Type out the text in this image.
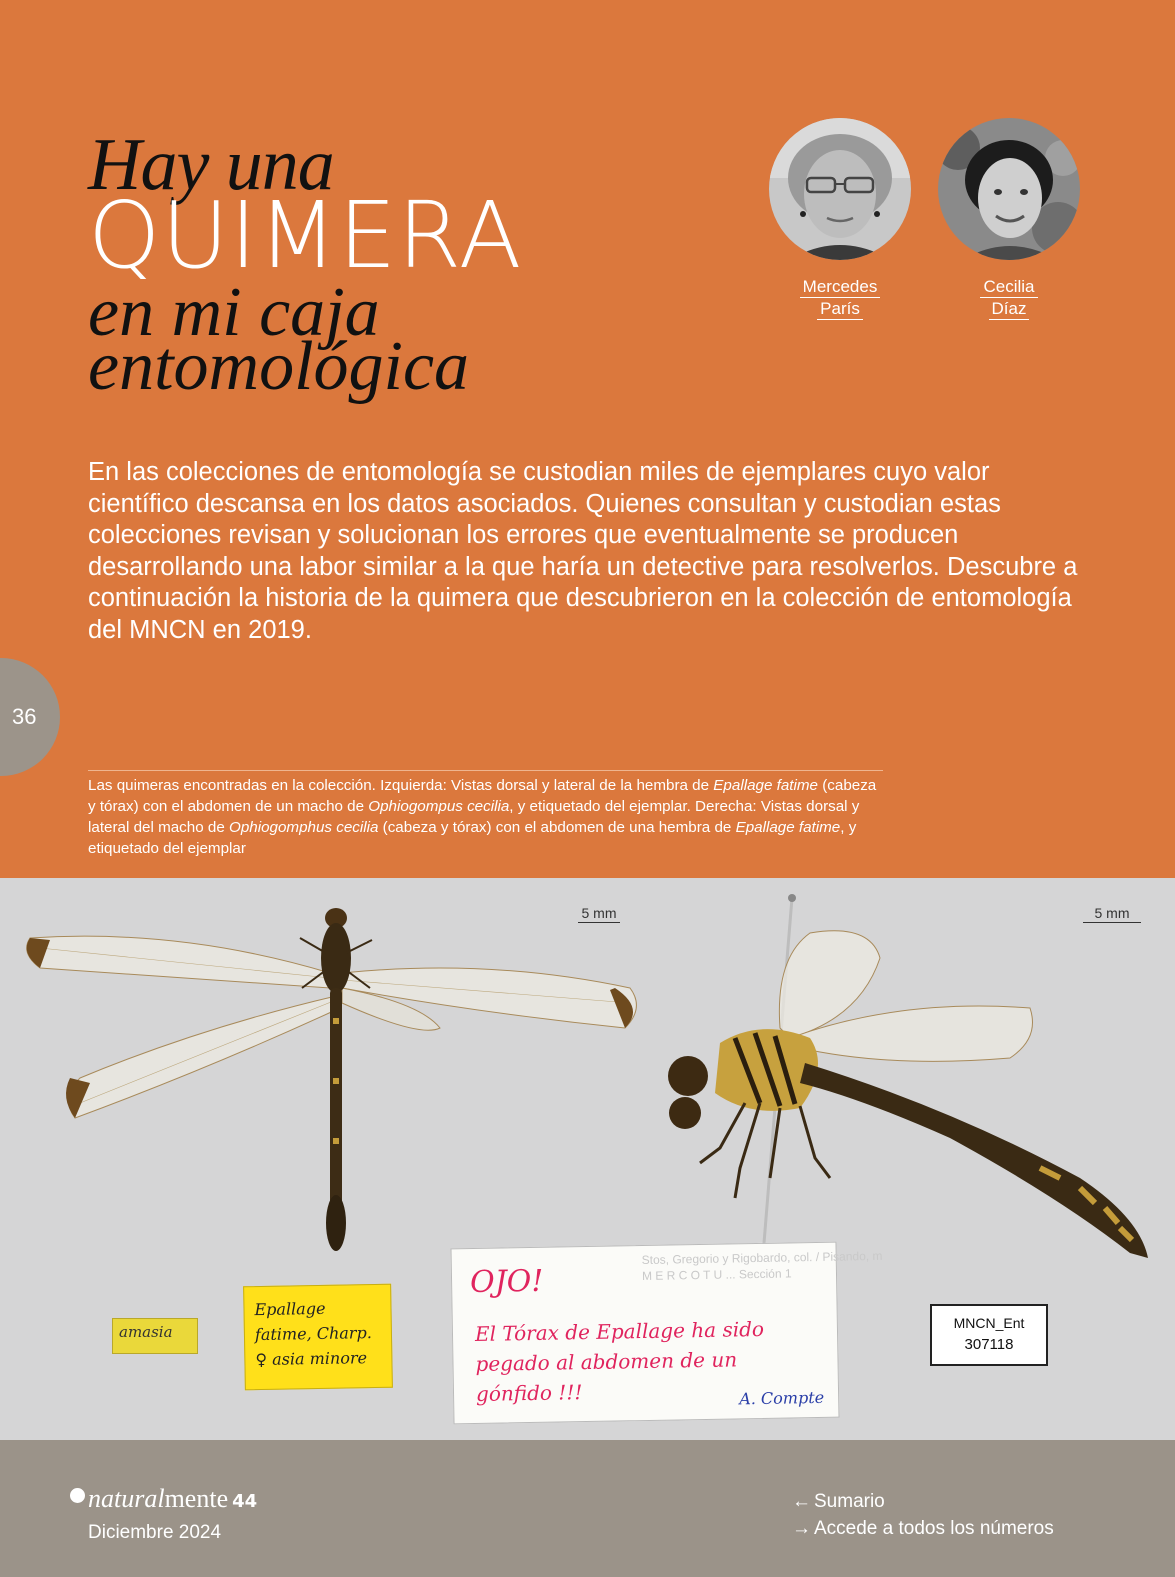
Hay una
QUIMERA
en mi caja
entomológica
Mercedes
París
Cecilia
Díaz

En las colecciones de entomología se custodian miles de ejemplares cuyo valor científico descansa en los datos asociados. Quienes consultan y custodian estas colecciones revisan y solucionan los errores que eventualmente se producen desarrollando una labor similar a la que haría un detective para resolverlos. Descubre a continuación la historia de la quimera que descubrieron en la colección de entomología del MNCN en 2019.

36

Las quimeras encontradas en la colección. Izquierda: Vistas dorsal y lateral de la hembra de Epallage fatime (cabeza y tórax) con el abdomen de un macho de Ophiogompus cecilia, y etiquetado del ejemplar. Derecha: Vistas dorsal y lateral del macho de Ophiogomphus cecilia (cabeza y tórax) con el abdomen de una hembra de Epallage fatime, y etiquetado del ejemplar

5 mm	5 mm
amasia
Epallage
fatime, Charp.
♀ asia minore
Stos, Gregorio y Rigobardo, col. / Pisando, m
M E R C O T U ... Sección 1
OJO!
El Tórax de Epallage ha sido pegado al abdomen de un gónfido !!!	A. Compte
MNCN_Ent
307118
naturalmente 44
Diciembre 2024
← Sumario
→ Accede a todos los números
